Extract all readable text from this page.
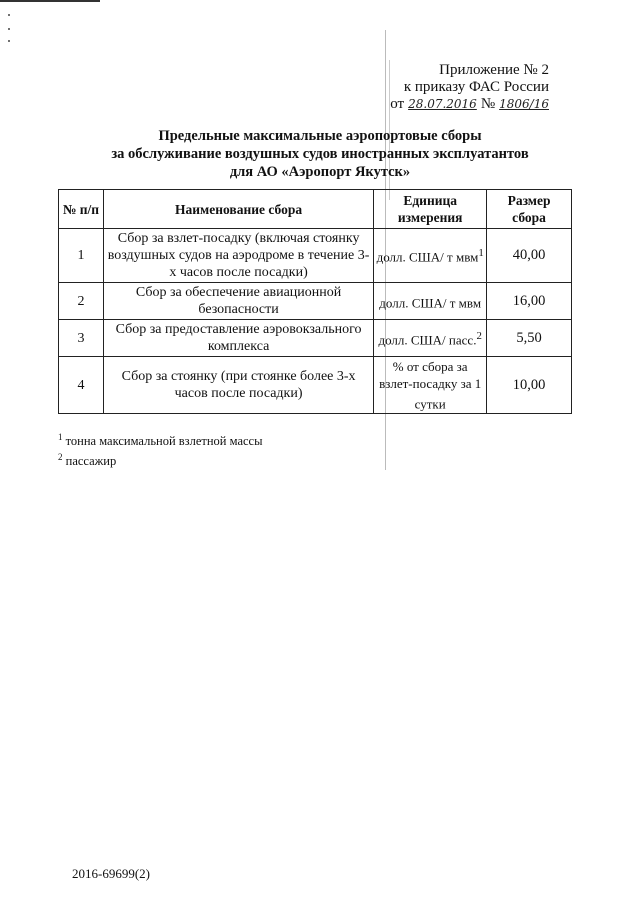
Приложение № 2
к приказу ФАС России
от 28.07.2016 № 1806/16
Предельные максимальные аэропортовые сборы
за обслуживание воздушных судов иностранных эксплуатантов
для АО «Аэропорт Якутск»
№ п/п	Наименование сбора	Единица измерения	Размер сбора
1	Сбор за взлет-посадку (включая стоянку воздушных судов на аэродроме в течение 3-х часов после посадки)	долл. США/ т мвм$^1$	40,00
2	Сбор за обеспечение авиационной безопасности	долл. США/ т мвм	16,00
3	Сбор за предоставление аэровокзального комплекса	долл. США/ пасс.$^2$	5,50
4	Сбор за стоянку (при стоянке более 3-х часов после посадки)	% от сбора за взлет-посадку за 1 сутки	10,00
$^1$ тонна максимальной взлетной массы
$^2$ пассажир
2016-69699(2)
